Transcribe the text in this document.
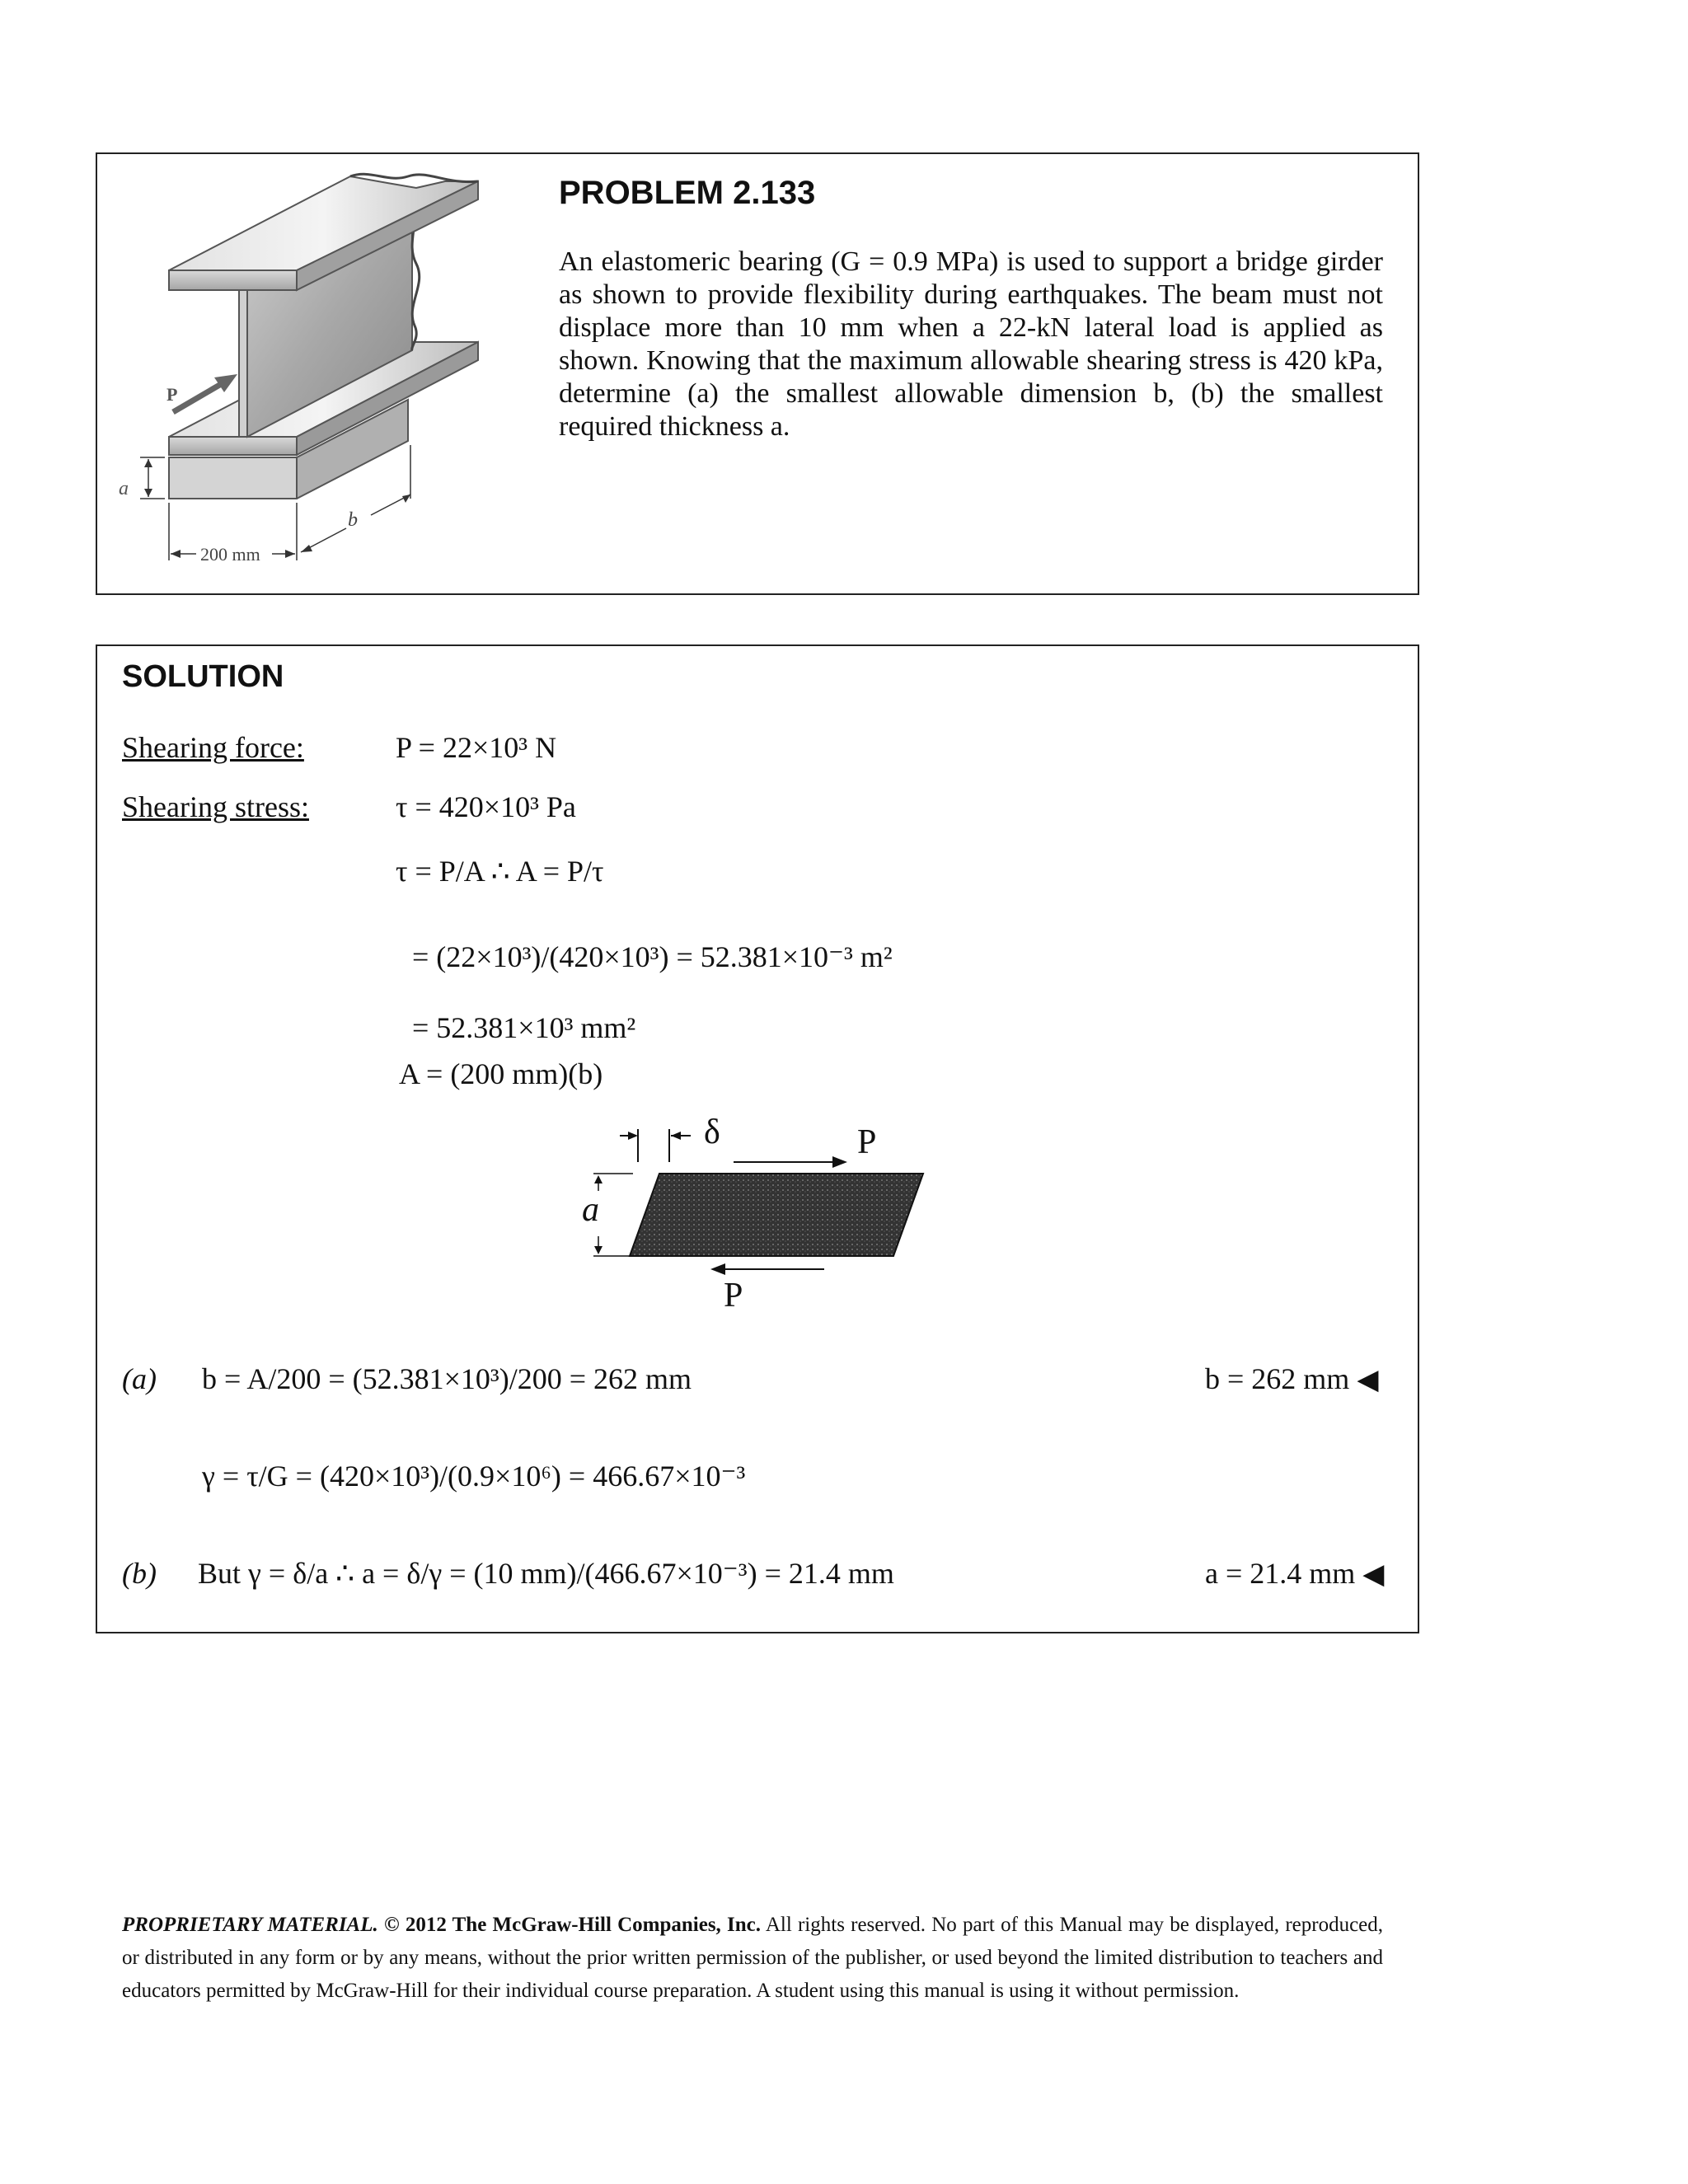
P
a
200 mm
b
PROBLEM 2.133
An elastomeric bearing (G = 0.9 MPa) is used to support a bridge girder as shown to provide flexibility during earthquakes. The beam must not displace more than 10 mm when a 22-kN lateral load is applied as shown. Knowing that the maximum allowable shearing stress is 420 kPa, determine (a) the smallest allowable dimension b, (b) the smallest required thickness a.
SOLUTION
Shearing force:	P = 22×10³ N
Shearing stress:	τ = 420×10³ Pa
τ = P/A ∴ A = P/τ
= (22×10³)/(420×10³) = 52.381×10⁻³ m²
= 52.381×10³ mm²
A = (200 mm)(b)
δ	P
a
P
(a) b = A/200 = (52.381×10³)/200 = 262 mm	b = 262 mm ◀
γ = τ/G = (420×10³)/(0.9×10⁶) = 466.67×10⁻³
(b) But γ = δ/a ∴ a = δ/γ = (10 mm)/(466.67×10⁻³) = 21.4 mm	a = 21.4 mm ◀
PROPRIETARY MATERIAL. © 2012 The McGraw-Hill Companies, Inc. All rights reserved. No part of this Manual may be displayed, reproduced, or distributed in any form or by any means, without the prior written permission of the publisher, or used beyond the limited distribution to teachers and educators permitted by McGraw-Hill for their individual course preparation. A student using this manual is using it without permission.
